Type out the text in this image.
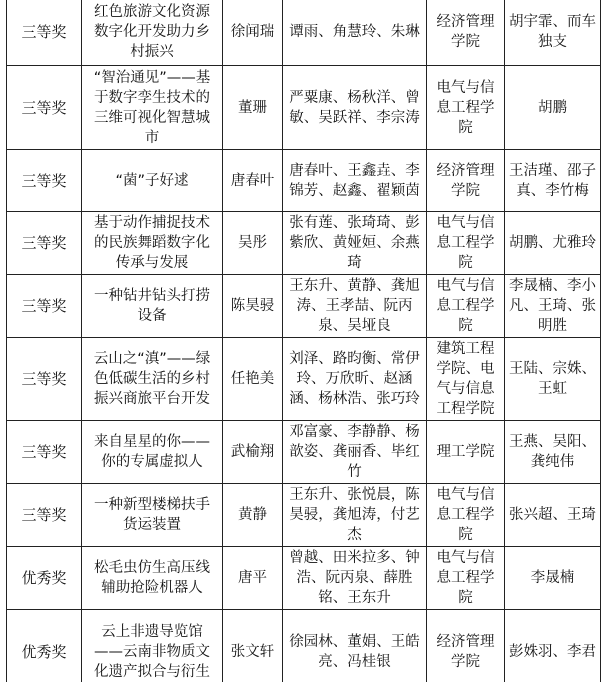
三等奖	红色旅游文化资源数字化开发助力乡村振兴	徐闻瑞	谭雨、角慧玲、朱琳	经济管理学院	胡宇霏、而车独支
三等奖	“智治通见”——基于数字孪生技术的三维可视化智慧城市	董珊	严粟康、杨秋洋、曾敏、吴跃祥、李宗涛	电气与信息工程学院	胡鹏
三等奖	“菌”子好逑	唐春叶	唐春叶、王鑫垚、李锦芳、赵鑫、翟颖茵	经济管理学院	王洁瑾、邵子真、李竹梅
三等奖	基于动作捕捉技术的民族舞蹈数字化传承与发展	吴彤	张有莲、张琦琦、彭紫欣、黄娅姮、余燕琦	电气与信息工程学院	胡鹏、尤雅玲
三等奖	一种钻井钻头打捞设备	陈昊骎	王东升、黄静、龚旭涛、王孝喆、阮丙泉、吴垭良	电气与信息工程学院	李晟楠、李小凡、王琦、张明胜
三等奖	云山之“滇”——绿色低碳生活的乡村振兴商旅平台开发	任艳美	刘泽、路昀衡、常伊玲、万欣昕、赵涵涵、杨林浩、张巧玲	建筑工程学院、电气与信息工程学院	王陆、宗姝、王虹
三等奖	来自星星的你——你的专属虚拟人	武榆翔	邓富豪、李静静、杨歆姿、龚丽香、毕红竹	理工学院	王燕、吴阳、龚纯伟
三等奖	一种新型楼梯扶手货运装置	黄静	王东升、张悦晨，陈昊骎，龚旭涛，付艺杰	电气与信息工程学院	张兴超、王琦
优秀奖	松毛虫仿生高压线辅助抢险机器人	唐平	曾越、田米拉多、钟浩、阮丙泉、薛胜铭、王东升	电气与信息工程学院	李晟楠
优秀奖	云上非遗导览馆——云南非物质文化遗产拟合与衍生	张文轩	徐园林、董娟、王皓亮、冯桂银	经济管理学院	彭姝羽、李君
